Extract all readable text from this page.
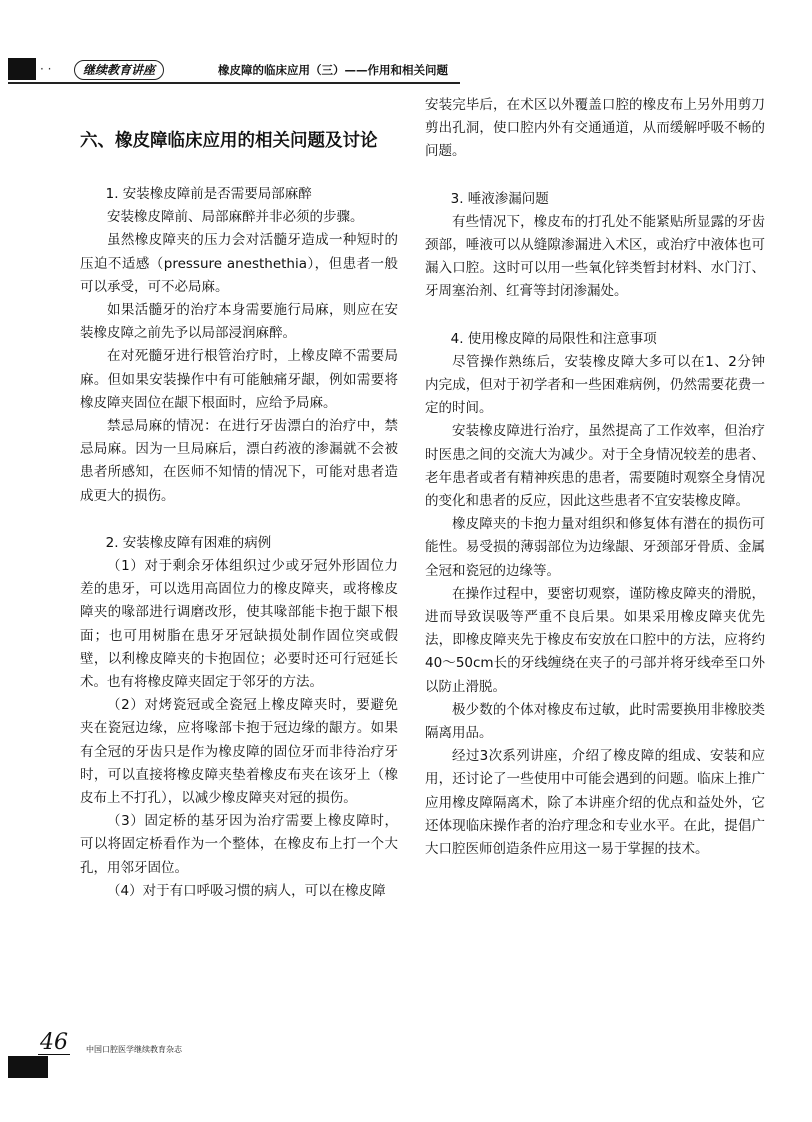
· ·	继续教育讲座	橡皮障的临床应用（三）——作用和相关问题
六、橡皮障临床应用的相关问题及讨论
1. 安装橡皮障前是否需要局部麻醉

安装橡皮障前、局部麻醉并非必须的步骤。

虽然橡皮障夹的压力会对活髓牙造成一种短时的压迫不适感（pressure anesthethia），但患者一般可以承受，可不必局麻。

如果活髓牙的治疗本身需要施行局麻，则应在安装橡皮障之前先予以局部浸润麻醉。

在对死髓牙进行根管治疗时，上橡皮障不需要局麻。但如果安装操作中有可能触痛牙龈，例如需要将橡皮障夹固位在龈下根面时，应给予局麻。

禁忌局麻的情况：在进行牙齿漂白的治疗中，禁忌局麻。因为一旦局麻后，漂白药液的渗漏就不会被患者所感知，在医师不知情的情况下，可能对患者造成更大的损伤。

2. 安装橡皮障有困难的病例

（1）对于剩余牙体组织过少或牙冠外形固位力差的患牙，可以选用高固位力的橡皮障夹，或将橡皮障夹的喙部进行调磨改形，使其喙部能卡抱于龈下根面；也可用树脂在患牙牙冠缺损处制作固位突或假壁，以利橡皮障夹的卡抱固位；必要时还可行冠延长术。也有将橡皮障夹固定于邻牙的方法。

（2）对烤瓷冠或全瓷冠上橡皮障夹时，要避免夹在瓷冠边缘，应将喙部卡抱于冠边缘的龈方。如果有全冠的牙齿只是作为橡皮障的固位牙而非待治疗牙时，可以直接将橡皮障夹垫着橡皮布夹在该牙上（橡皮布上不打孔），以减少橡皮障夹对冠的损伤。

（3）固定桥的基牙因为治疗需要上橡皮障时，可以将固定桥看作为一个整体，在橡皮布上打一个大孔，用邻牙固位。

（4）对于有口呼吸习惯的病人，可以在橡皮障

安装完毕后，在术区以外覆盖口腔的橡皮布上另外用剪刀剪出孔洞，使口腔内外有交通通道，从而缓解呼吸不畅的问题。

3. 唾液渗漏问题

有些情况下，橡皮布的打孔处不能紧贴所显露的牙齿颈部，唾液可以从缝隙渗漏进入术区，或治疗中液体也可漏入口腔。这时可以用一些氧化锌类暂封材料、水门汀、牙周塞治剂、红膏等封闭渗漏处。

4. 使用橡皮障的局限性和注意事项

尽管操作熟练后，安装橡皮障大多可以在1、2分钟内完成，但对于初学者和一些困难病例，仍然需要花费一定的时间。

安装橡皮障进行治疗，虽然提高了工作效率，但治疗时医患之间的交流大为减少。对于全身情况较差的患者、老年患者或者有精神疾患的患者，需要随时观察全身情况的变化和患者的反应，因此这些患者不宜安装橡皮障。

橡皮障夹的卡抱力量对组织和修复体有潜在的损伤可能性。易受损的薄弱部位为边缘龈、牙颈部牙骨质、金属全冠和瓷冠的边缘等。

在操作过程中，要密切观察，谨防橡皮障夹的滑脱，进而导致误吸等严重不良后果。如果采用橡皮障夹优先法，即橡皮障夹先于橡皮布安放在口腔中的方法，应将约40～50cm长的牙线缠绕在夹子的弓部并将牙线牵至口外以防止滑脱。

极少数的个体对橡皮布过敏，此时需要换用非橡胶类隔离用品。

经过3次系列讲座，介绍了橡皮障的组成、安装和应用，还讨论了一些使用中可能会遇到的问题。临床上推广应用橡皮障隔离术，除了本讲座介绍的优点和益处外，它还体现临床操作者的治疗理念和专业水平。在此，提倡广大口腔医师创造条件应用这一易于掌握的技术。

46 中国口腔医学继续教育杂志
